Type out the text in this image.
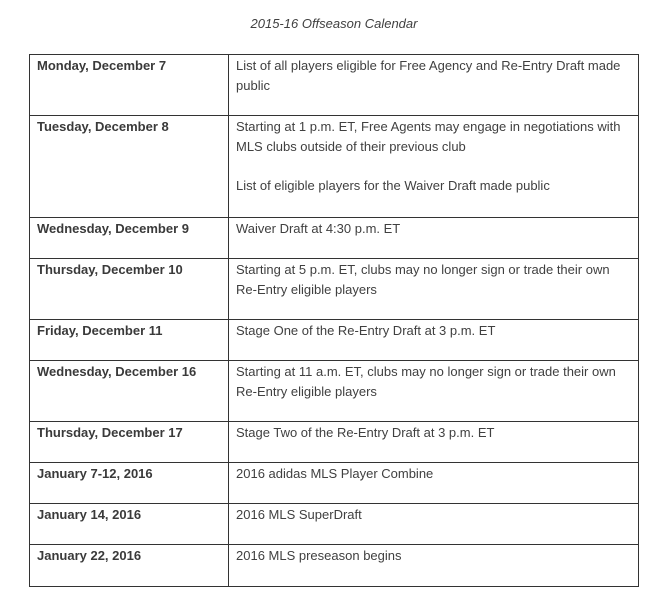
2015-16 Offseason Calendar
Monday, December 7	List of all players eligible for Free Agency and Re-Entry Draft made public

Tuesday, December 8	Starting at 1 p.m. ET, Free Agents may engage in negotiations with MLS clubs outside of their previous club
List of eligible players for the Waiver Draft made public

Wednesday, December 9	Waiver Draft at 4:30 p.m. ET

Thursday, December 10	Starting at 5 p.m. ET, clubs may no longer sign or trade their own Re-Entry eligible players

Friday, December 11	Stage One of the Re-Entry Draft at 3 p.m. ET

Wednesday, December 16	Starting at 11 a.m. ET, clubs may no longer sign or trade their own Re-Entry eligible players

Thursday, December 17	Stage Two of the Re-Entry Draft at 3 p.m. ET

January 7-12, 2016	2016 adidas MLS Player Combine

January 14, 2016	2016 MLS SuperDraft

January 22, 2016	2016 MLS preseason begins
